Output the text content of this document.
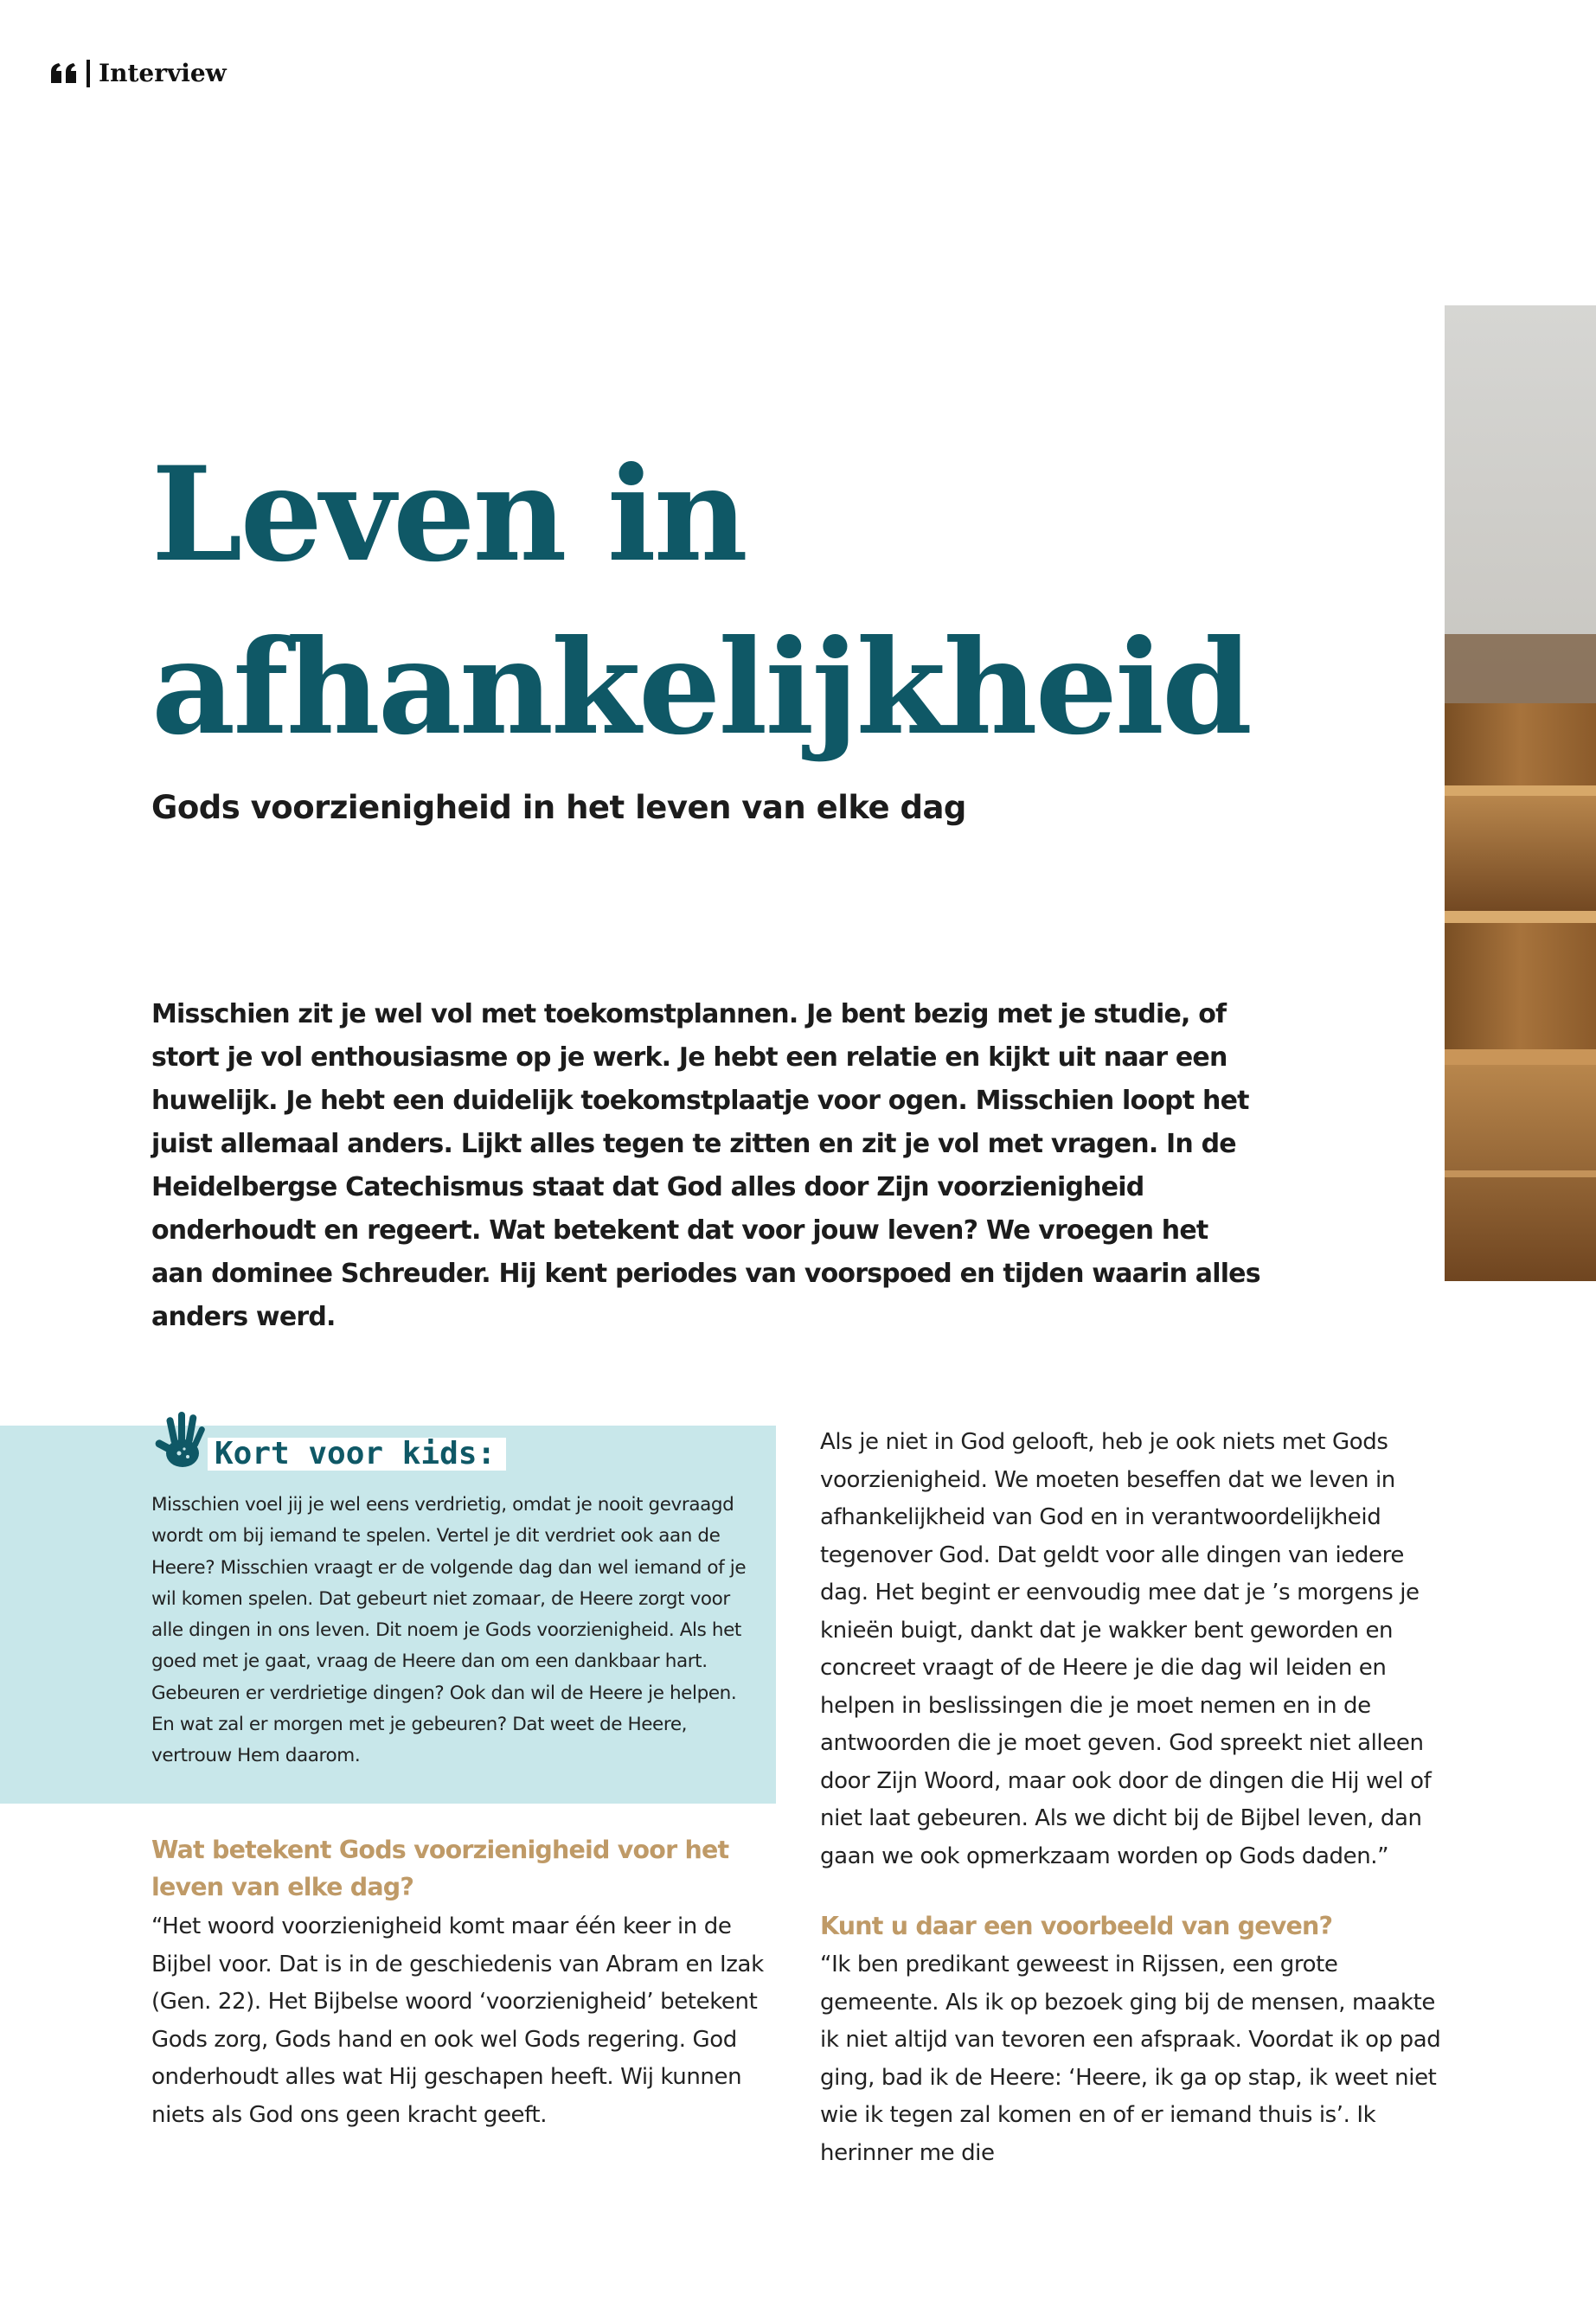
Interview
Leven in
afhankelijkheid

Gods voorzienigheid in het leven van elke dag

Misschien zit je wel vol met toekomstplannen. Je bent bezig met je studie, of stort je vol enthousiasme op je werk. Je hebt een relatie en kijkt uit naar een huwelijk. Je hebt een duidelijk toekomstplaatje voor ogen. Misschien loopt het juist allemaal anders. Lijkt alles tegen te zitten en zit je vol met vragen. In de Heidelbergse Catechismus staat dat God alles door Zijn voorzienigheid onderhoudt en regeert. Wat betekent dat voor jouw leven? We vroegen het aan dominee Schreuder. Hij kent periodes van voorspoed en tijden waarin alles anders werd.

Kort voor kids:

Misschien voel jij je wel eens verdrietig, omdat je nooit gevraagd wordt om bij iemand te spelen. Vertel je dit verdriet ook aan de Heere? Misschien vraagt er de volgende dag dan wel iemand of je wil komen spelen. Dat gebeurt niet zomaar, de Heere zorgt voor alle dingen in ons leven. Dit noem je Gods voorzienigheid. Als het goed met je gaat, vraag de Heere dan om een dankbaar hart. Gebeuren er verdrietige dingen? Ook dan wil de Heere je helpen. En wat zal er morgen met je gebeuren? Dat weet de Heere, vertrouw Hem daarom.

Wat betekent Gods voorzienigheid voor het leven van elke dag?

“Het woord voorzienigheid komt maar één keer in de Bijbel voor. Dat is in de geschiedenis van Abram en Izak (Gen. 22). Het Bijbelse woord ‘voorzienigheid’ betekent Gods zorg, Gods hand en ook wel Gods regering. God onderhoudt alles wat Hij geschapen heeft. Wij kunnen niets als God ons geen kracht geeft.

Als je niet in God gelooft, heb je ook niets met Gods voorzienigheid. We moeten beseffen dat we leven in afhankelijkheid van God en in verantwoordelijkheid tegenover God. Dat geldt voor alle dingen van iedere dag. Het begint er eenvoudig mee dat je ’s morgens je knieën buigt, dankt dat je wakker bent geworden en concreet vraagt of de Heere je die dag wil leiden en helpen in beslissingen die je moet nemen en in de antwoorden die je moet geven. God spreekt niet alleen door Zijn Woord, maar ook door de dingen die Hij wel of niet laat gebeuren. Als we dicht bij de Bijbel leven, dan gaan we ook opmerkzaam worden op Gods daden.”

Kunt u daar een voorbeeld van geven?

“Ik ben predikant geweest in Rijssen, een grote gemeente. Als ik op bezoek ging bij de mensen, maakte ik niet altijd van tevoren een afspraak. Voordat ik op pad ging, bad ik de Heere: ‘Heere, ik ga op stap, ik weet niet wie ik tegen zal komen en of er iemand thuis is’. Ik herinner me die
